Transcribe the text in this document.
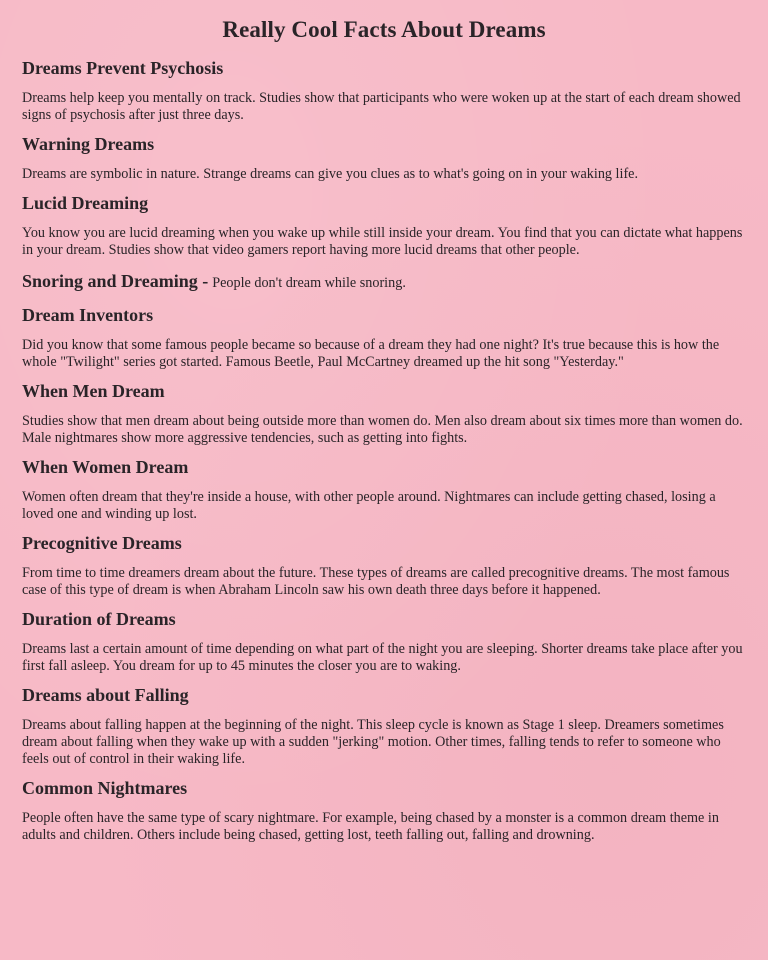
Really Cool Facts About Dreams
Dreams Prevent Psychosis

Dreams help keep you mentally on track. Studies show that participants who were woken up at the start of each dream showed signs of psychosis after just three days.

Warning Dreams

Dreams are symbolic in nature. Strange dreams can give you clues as to what's going on in your waking life.

Lucid Dreaming

You know you are lucid dreaming when you wake up while still inside your dream. You find that you can dictate what happens in your dream. Studies show that video gamers report having more lucid dreams that other people.

Snoring and Dreaming - People don't dream while snoring.

Dream Inventors

Did you know that some famous people became so because of a dream they had one night? It's true because this is how the whole "Twilight" series got started. Famous Beetle, Paul McCartney dreamed up the hit song "Yesterday."

When Men Dream

Studies show that men dream about being outside more than women do. Men also dream about six times more than women do. Male nightmares show more aggressive tendencies, such as getting into fights.

When Women Dream

Women often dream that they're inside a house, with other people around. Nightmares can include getting chased, losing a loved one and winding up lost.

Precognitive Dreams

From time to time dreamers dream about the future. These types of dreams are called precognitive dreams. The most famous case of this type of dream is when Abraham Lincoln saw his own death three days before it happened.

Duration of Dreams

Dreams last a certain amount of time depending on what part of the night you are sleeping. Shorter dreams take place after you first fall asleep. You dream for up to 45 minutes the closer you are to waking.

Dreams about Falling

Dreams about falling happen at the beginning of the night. This sleep cycle is known as Stage 1 sleep. Dreamers sometimes dream about falling when they wake up with a sudden "jerking" motion. Other times, falling tends to refer to someone who feels out of control in their waking life.

Common Nightmares

People often have the same type of scary nightmare. For example, being chased by a monster is a common dream theme in adults and children. Others include being chased, getting lost, teeth falling out, falling and drowning.
